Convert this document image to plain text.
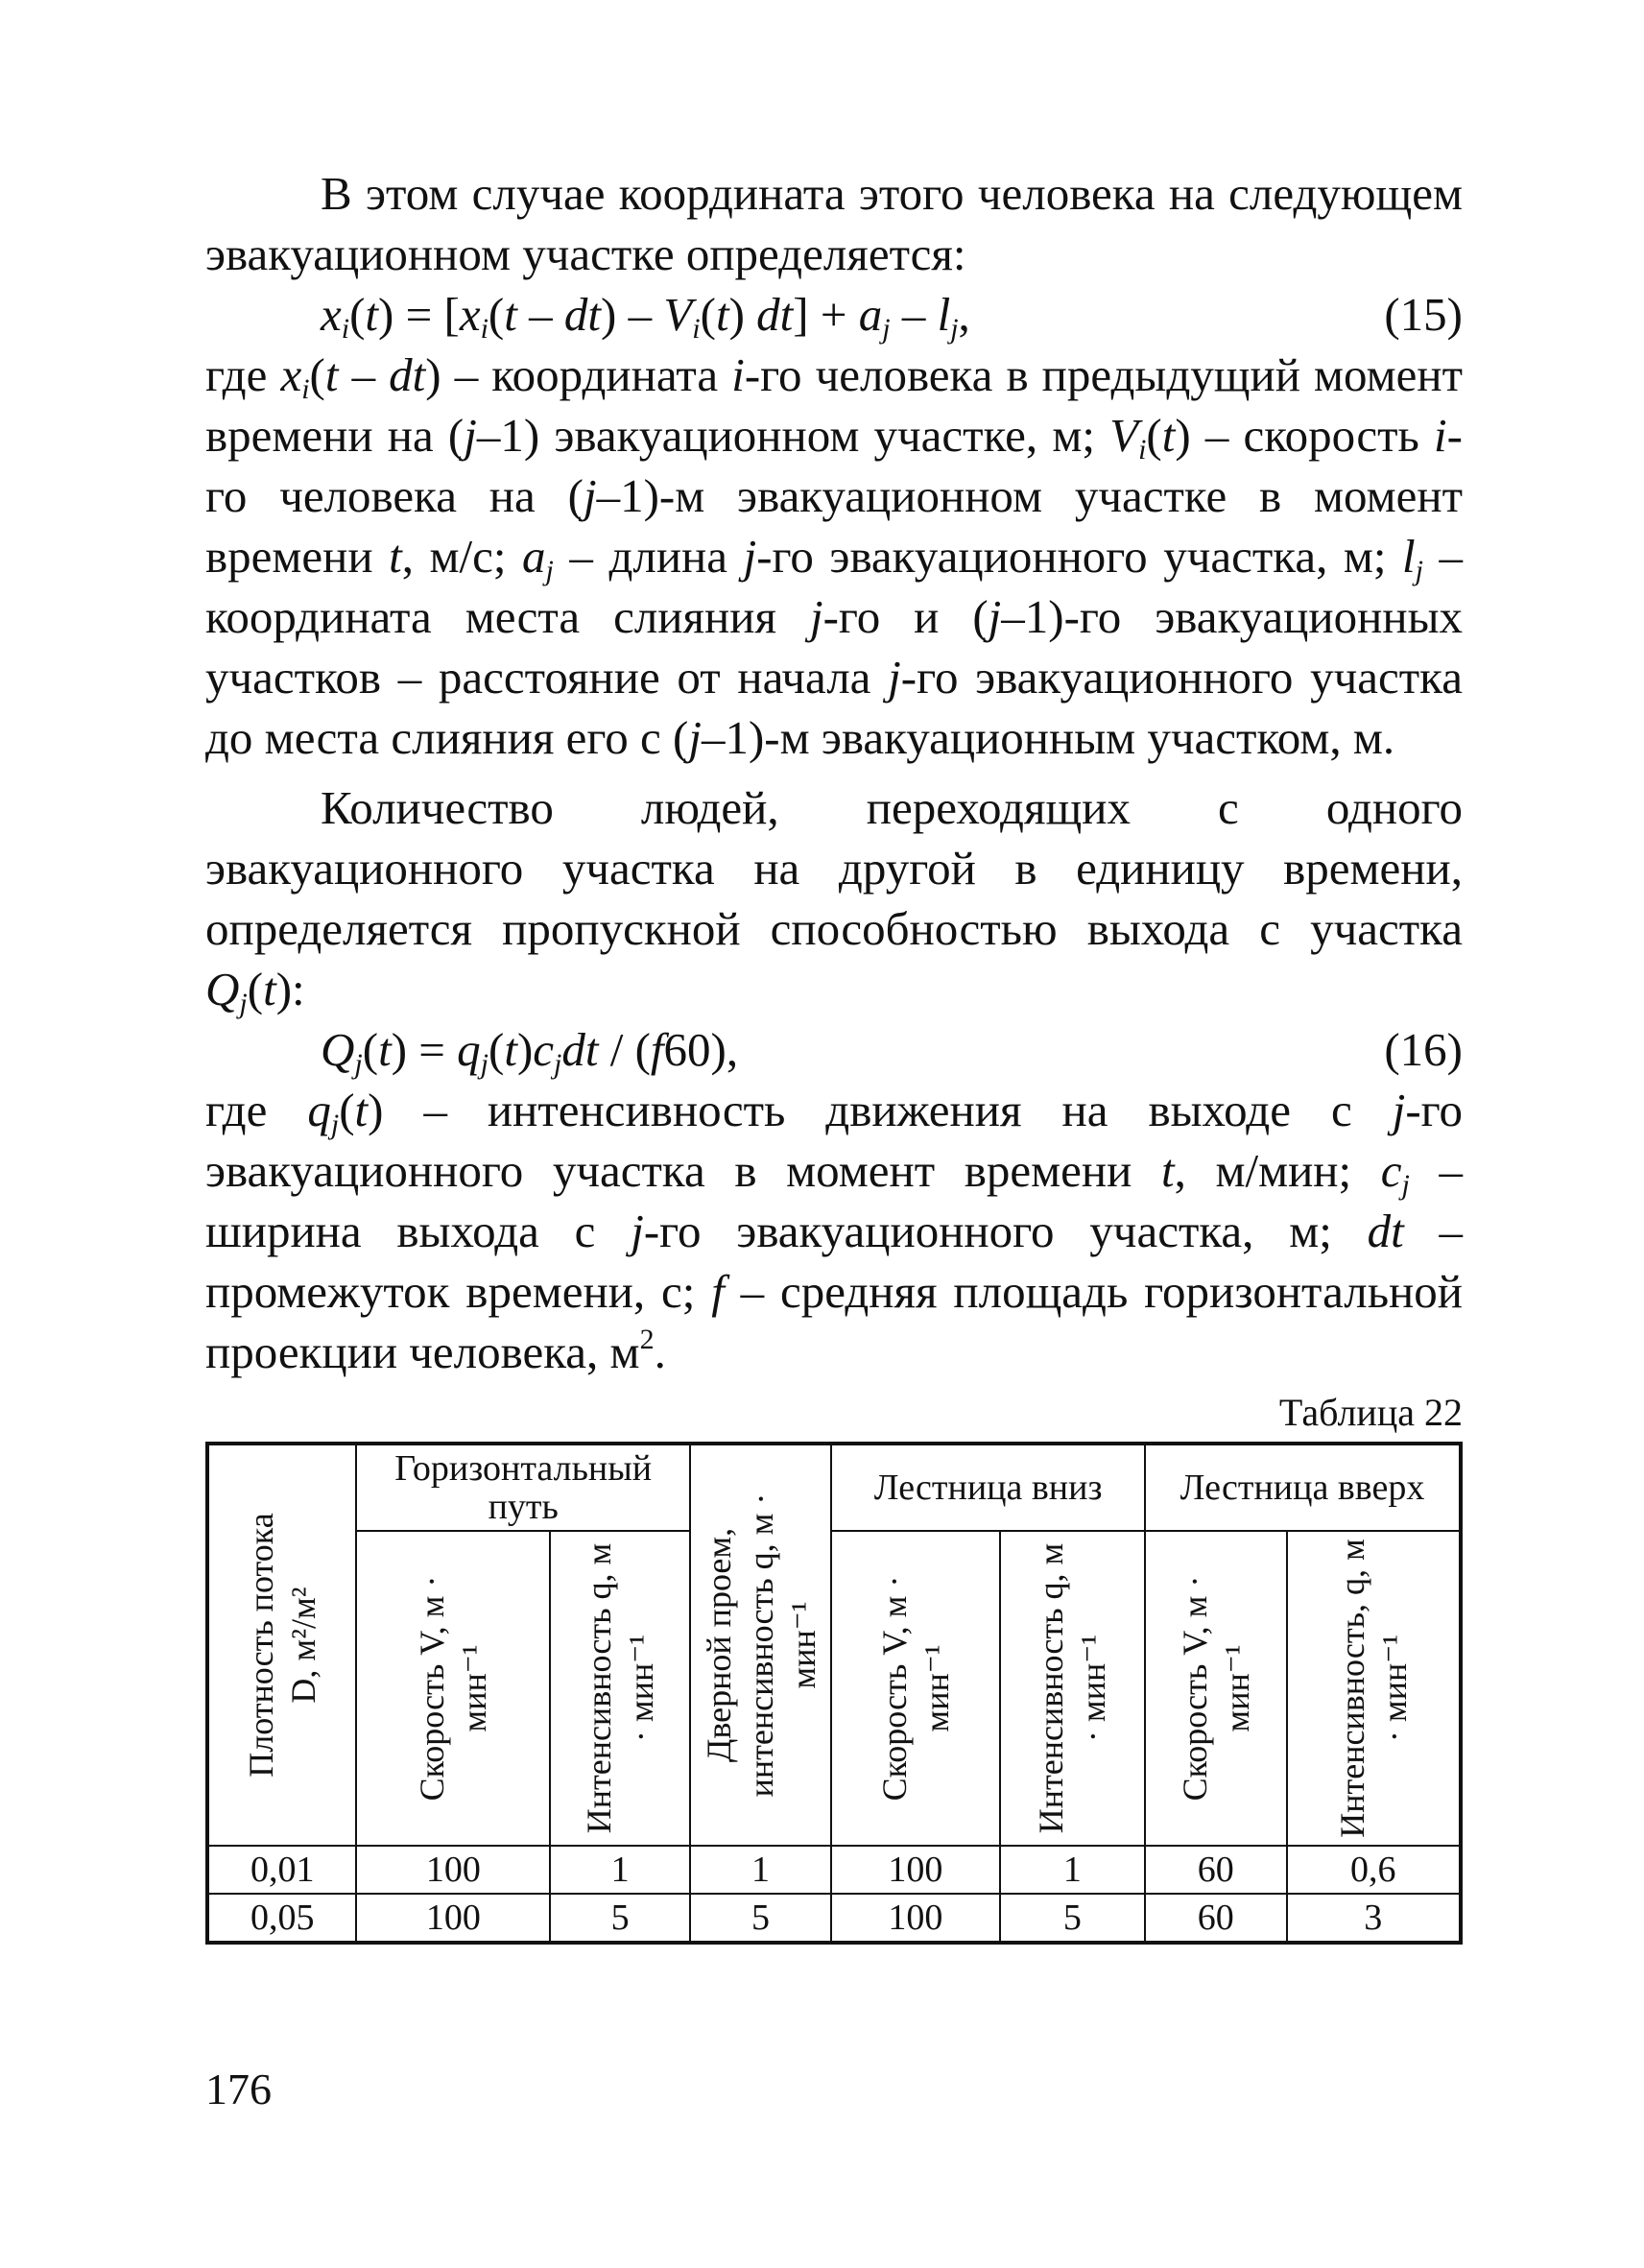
В этом случае координата этого человека на следующем эвакуационном участке определяется:

$x_i(t) = [x_i(t - dt) - V_i(t) dt] + a_j - l_j$,	(15)

где $x_i(t - dt)$ – координата i-го человека в предыдущий момент времени на (j–1) эвакуационном участке, м; $V_i(t)$ – скорость i-го человека на (j–1)-м эвакуационном участке в момент времени t, м/с; $a_j$ – длина j-го эвакуационного участка, м; $l_j$ – координата места слияния j-го и (j–1)-го эвакуационных участков – расстояние от начала j-го эвакуационного участка до места слияния его с (j–1)-м эвакуационным участком, м.

Количество людей, переходящих с одного эвакуационного участка на другой в единицу времени, определяется пропускной способностью выхода с участка $Q_j(t)$:

$Q_j(t) = q_j(t)c_jdt / (f60)$,	(16)

где $q_j(t)$ – интенсивность движения на выходе с j-го эвакуационного участка в момент времени t, м/мин; $c_j$ – ширина выхода с j-го эвакуационного участка, м; dt – промежуток времени, с; f – средняя площадь горизонтальной проекции человека, $м^2$.

Таблица 22
Плотность потока D, м²/м²	Горизонтальный путь		Дверной проем, интенсивность q, м · мин⁻¹	Лестница вниз		Лестница вверх	

	Скорость V, м · мин⁻¹	Интенсивность q, м · мин⁻¹		Скорость V, м · мин⁻¹	Интенсивность q, м · мин⁻¹	Скорость V, м · мин⁻¹	Интенсивность, q, м · мин⁻¹

0,01	100	1	1	100	1	60	0,6
0,05	100	5	5	100	5	60	3
176
